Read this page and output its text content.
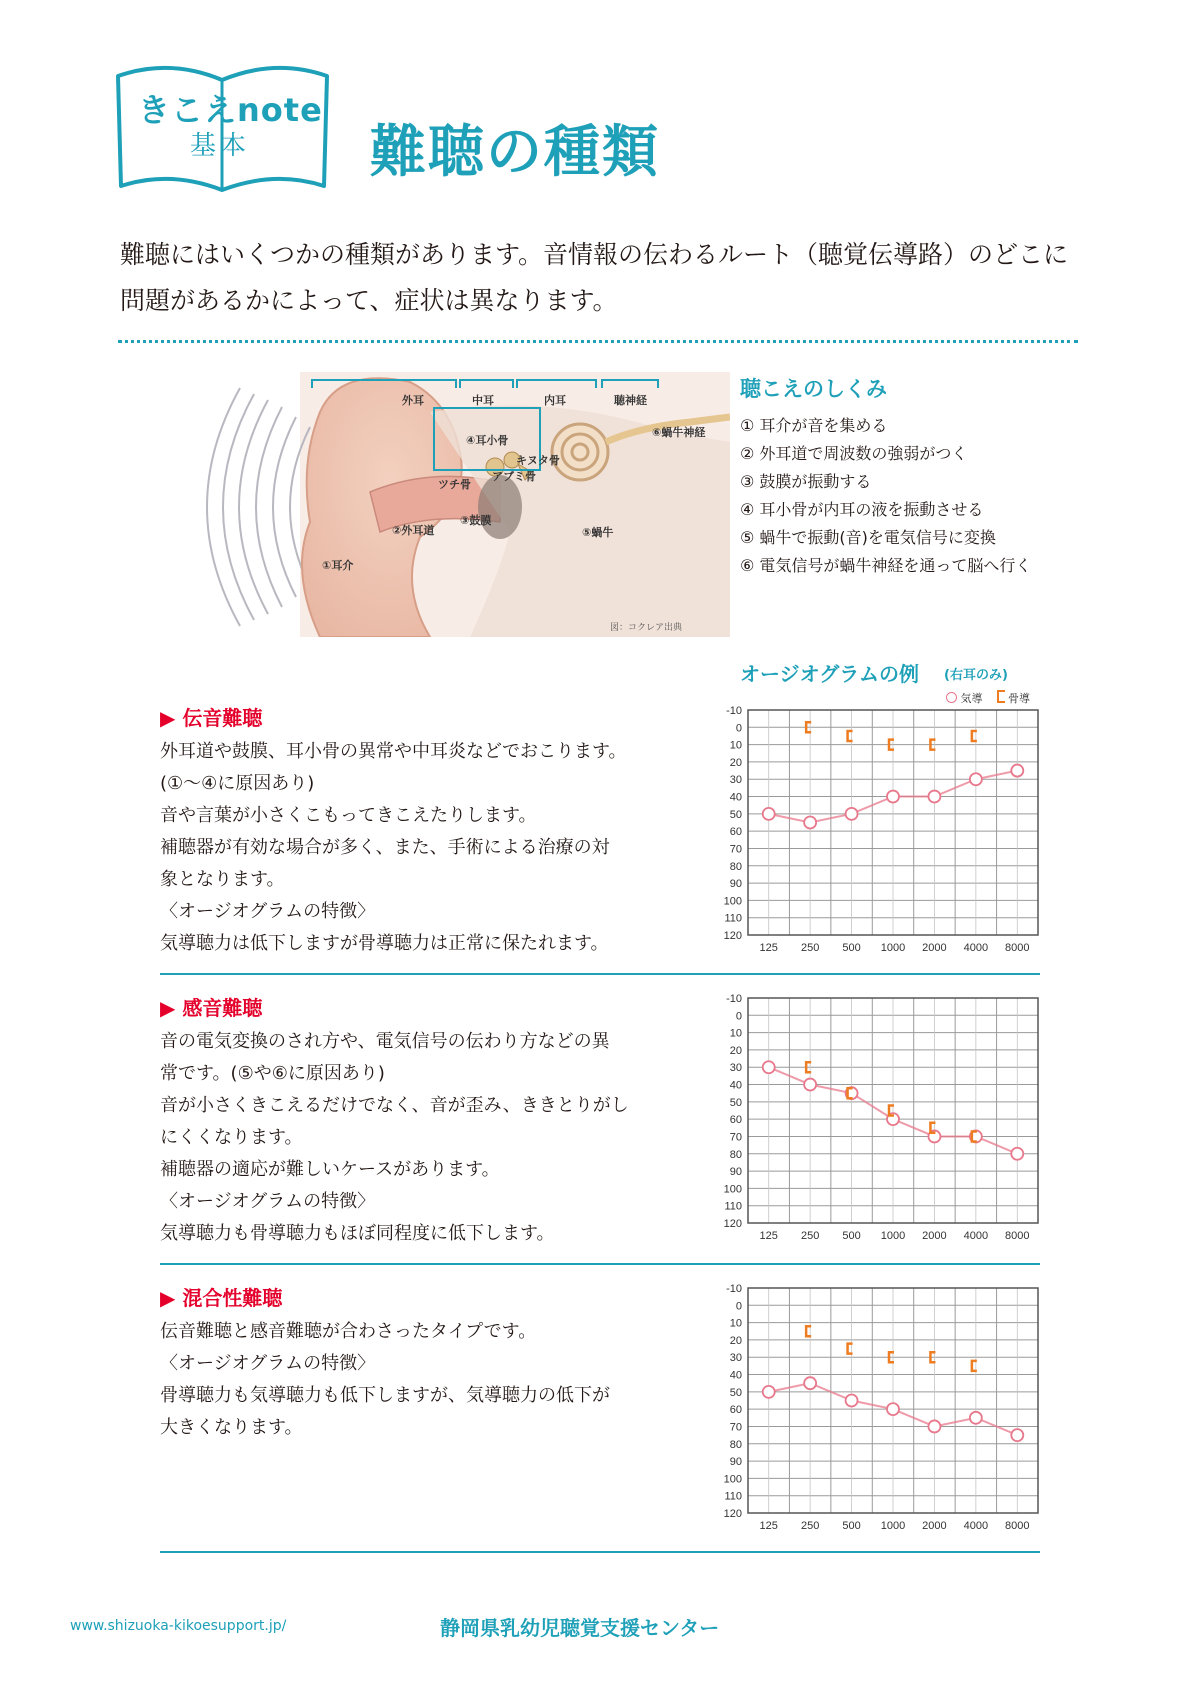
きこえnote
基本 難聴の種類
難聴にはいくつかの種類があります。音情報の伝わるルート（聴覚伝導路）のどこに
問題があるかによって、症状は異なります。
外耳	中耳	内耳	聴神経
④耳小骨
キヌタ骨
ツチ骨
アブミ骨
⑥蝸牛神経
②外耳道
③鼓膜
⑤蝸牛
①耳介
図：コクレア出典
聴こえのしくみ
① 耳介が音を集める
② 外耳道で周波数の強弱がつく
③ 鼓膜が振動する
④ 耳小骨が内耳の液を振動させる
⑤ 蝸牛で振動(音)を電気信号に変換
⑥ 電気信号が蝸牛神経を通って脳へ行く
オージオグラムの例 (右耳のみ)
気導 骨導
▶ 伝音難聴
外耳道や鼓膜、耳小骨の異常や中耳炎などでおこります。
(①～④に原因あり)
音や言葉が小さくこもってきこえたりします。
補聴器が有効な場合が多く、また、手術による治療の対
象となります。
〈オージオグラムの特徴〉
気導聴力は低下しますが骨導聴力は正常に保たれます。
-10
0
10
20
30
40
50
60
70
80
90
100
110
120
125 250 500 1000 2000 4000 8000
▶ 感音難聴
音の電気変換のされ方や、電気信号の伝わり方などの異
常です。(⑤や⑥に原因あり)
音が小さくきこえるだけでなく、音が歪み、ききとりがし
にくくなります。
補聴器の適応が難しいケースがあります。
〈オージオグラムの特徴〉
気導聴力も骨導聴力もほぼ同程度に低下します。
-10
0
10
20
30
40
50
60
70
80
90
100
110
120
125 250 500 1000 2000 4000 8000
▶ 混合性難聴
伝音難聴と感音難聴が合わさったタイプです。
〈オージオグラムの特徴〉
骨導聴力も気導聴力も低下しますが、気導聴力の低下が
大きくなります。
-10
0
10
20
30
40
50
60
70
80
90
100
110
120
125 250 500 1000 2000 4000 8000
www.shizuoka-kikoesupport.jp/	静岡県乳幼児聴覚支援センター
